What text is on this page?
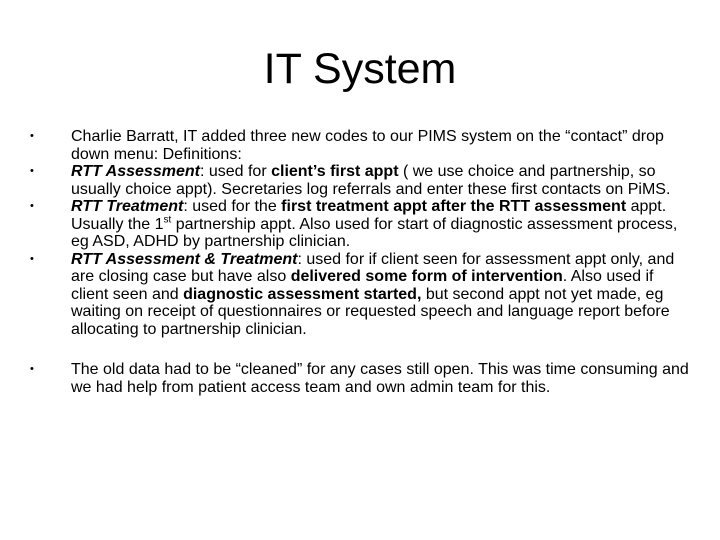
IT System
• Charlie Barratt, IT added three new codes to our PIMS system on the “contact” drop down menu: Definitions:
• RTT Assessment: used for client’s first appt ( we use choice and partnership, so usually choice appt). Secretaries log referrals and enter these first contacts on PiMS.
• RTT Treatment: used for the first treatment appt after the RTT assessment appt. Usually the 1st partnership appt. Also used for start of diagnostic assessment process, eg ASD, ADHD by partnership clinician.
• RTT Assessment & Treatment: used for if client seen for assessment appt only, and are closing case but have also delivered some form of intervention. Also used if client seen and diagnostic assessment started, but second appt not yet made, eg waiting on receipt of questionnaires or requested speech and language report before allocating to partnership clinician.
• The old data had to be “cleaned” for any cases still open. This was time consuming and we had help from patient access team and own admin team for this.
